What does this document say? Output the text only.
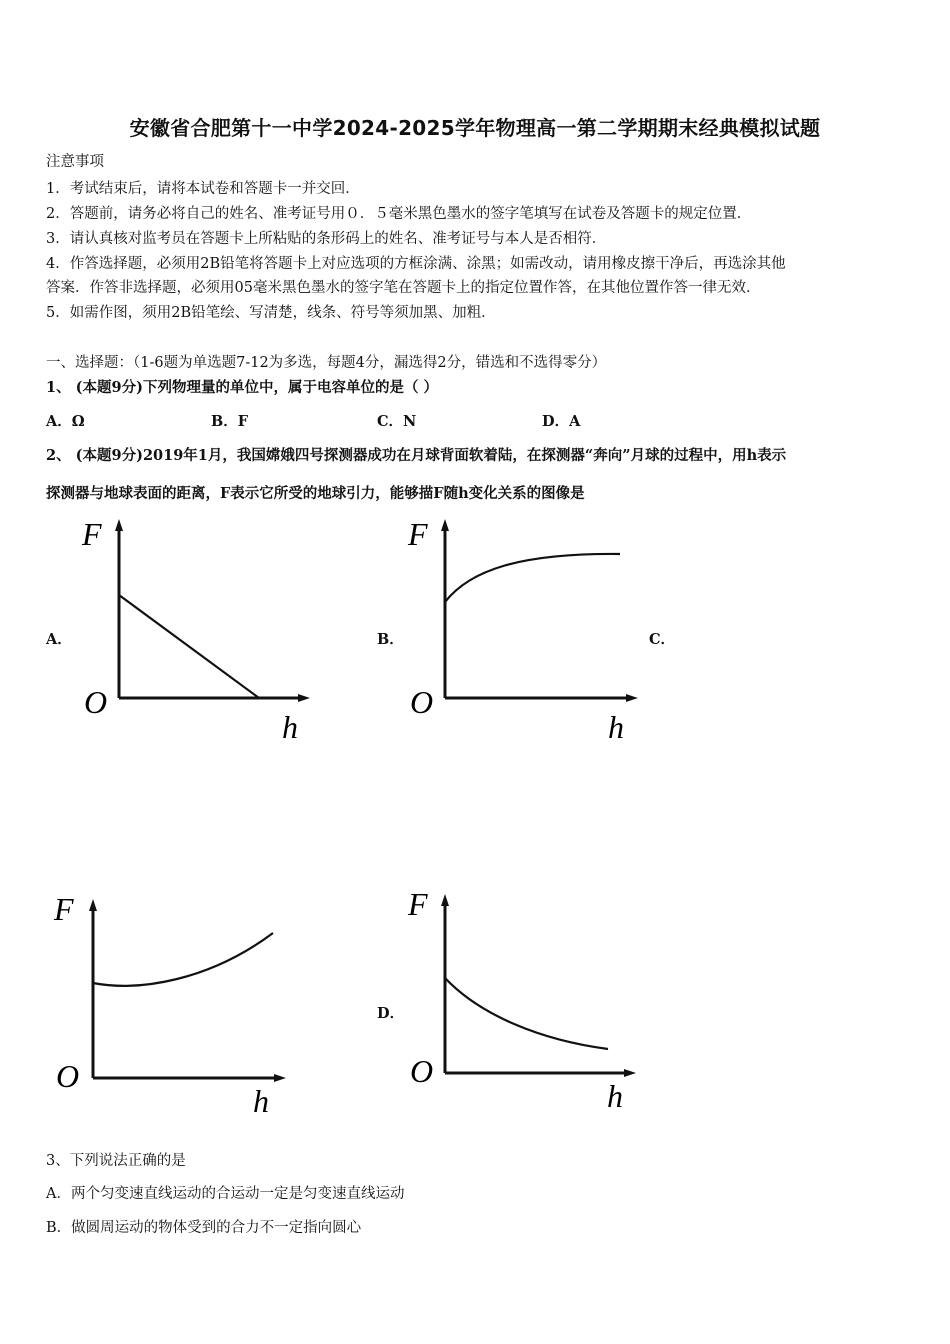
安徽省合肥第十一中学2024-2025学年物理高一第二学期期末经典模拟试题
注意事项
1．考试结束后，请将本试卷和答题卡一并交回．
2．答题前，请务必将自己的姓名、准考证号用０．５毫米黑色墨水的签字笔填写在试卷及答题卡的规定位置．
3．请认真核对监考员在答题卡上所粘贴的条形码上的姓名、准考证号与本人是否相符．
4．作答选择题，必须用2B铅笔将答题卡上对应选项的方框涂满、涂黑；如需改动，请用橡皮擦干净后，再选涂其他
答案．作答非选择题，必须用05毫米黑色墨水的签字笔在答题卡上的指定位置作答，在其他位置作答一律无效．
5．如需作图，须用2B铅笔绘、写清楚，线条、符号等须加黑、加粗．
一、选择题：（1-6题为单选题7-12为多选，每题4分，漏选得2分，错选和不选得零分）
1、 (本题9分)下列物理量的单位中，属于电容单位的是（ ）
A．Ω	B．F	C．N	D．A
2、 (本题9分)2019年1月，我国嫦娥四号探测器成功在月球背面软着陆，在探测器“奔向”月球的过程中，用h表示
探测器与地球表面的距离，F表示它所受的地球引力，能够描F随h变化关系的图像是
A．	B．	C．
D．
F
O
h
F
O
h
F
O
h
F
O
h
3、下列说法正确的是
A．两个匀变速直线运动的合运动一定是匀变速直线运动
B．做圆周运动的物体受到的合力不一定指向圆心
